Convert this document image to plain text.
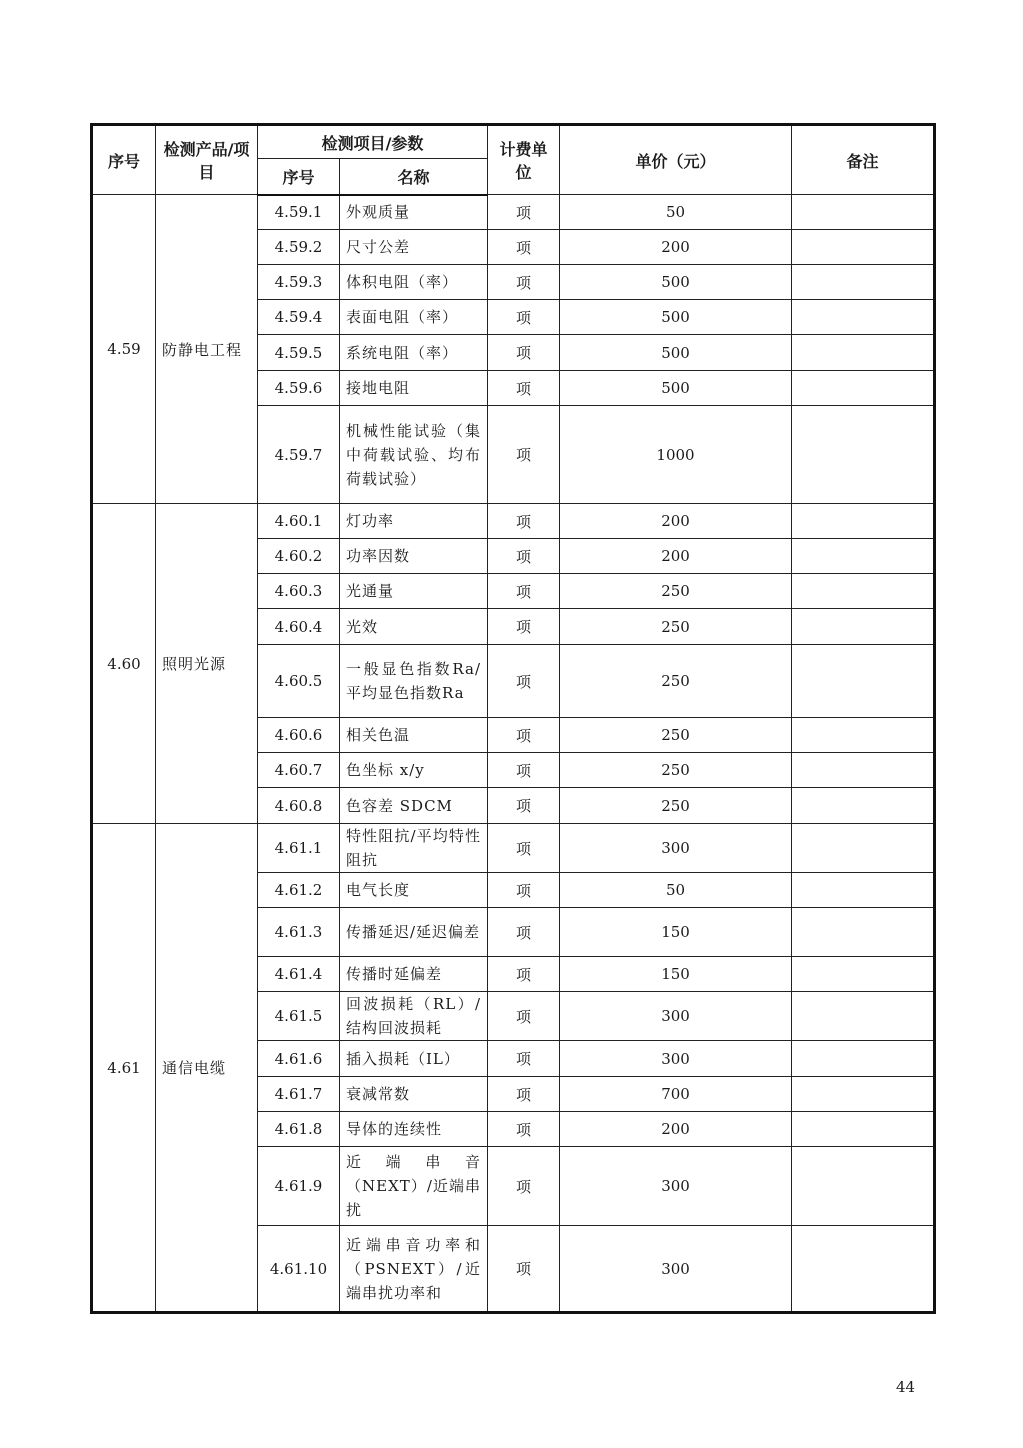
序号	检测产品/项目	检测项目/参数		计费单位	单价（元）	备注
		序号	名称			
4.59	防静电工程	4.59.1	外观质量	项	50	
		4.59.2	尺寸公差	项	200	
		4.59.3	体积电阻（率）	项	500	
		4.59.4	表面电阻（率）	项	500	
		4.59.5	系统电阻（率）	项	500	
		4.59.6	接地电阻	项	500	
		4.59.7	机械性能试验（集中荷载试验、均布荷载试验）	项	1000	
4.60	照明光源	4.60.1	灯功率	项	200	
		4.60.2	功率因数	项	200	
		4.60.3	光通量	项	250	
		4.60.4	光效	项	250	
		4.60.5	一般显色指数Ra/平均显色指数Ra	项	250	
		4.60.6	相关色温	项	250	
		4.60.7	色坐标 x/y	项	250	
		4.60.8	色容差 SDCM	项	250	
4.61	通信电缆	4.61.1	特性阻抗/平均特性阻抗	项	300	
		4.61.2	电气长度	项	50	
		4.61.3	传播延迟/延迟偏差	项	150	
		4.61.4	传播时延偏差	项	150	
		4.61.5	回波损耗（RL）/结构回波损耗	项	300	
		4.61.6	插入损耗（IL）	项	300	
		4.61.7	衰减常数	项	700	
		4.61.8	导体的连续性	项	200	
		4.61.9	近端串音（NEXT）/近端串扰	项	300	
		4.61.10	近端串音功率和（PSNEXT）/近端串扰功率和	项	300	
44
